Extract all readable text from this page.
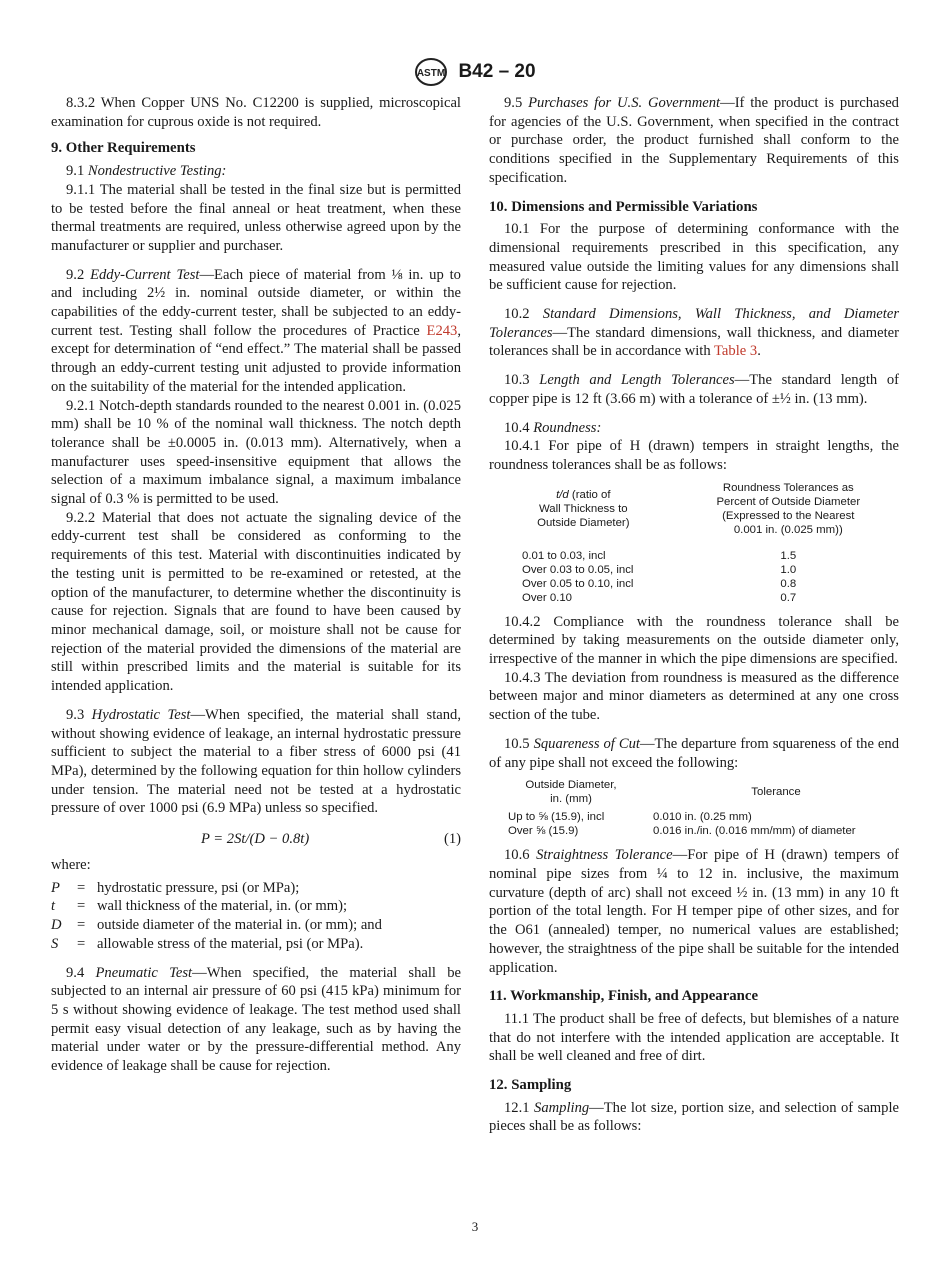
ASTM B42 – 20

8.3.2 When Copper UNS No. C12200 is supplied, microscopical examination for cuprous oxide is not required.

9. Other Requirements

9.1 Nondestructive Testing:

9.1.1 The material shall be tested in the final size but is permitted to be tested before the final anneal or heat treatment, when these thermal treatments are required, unless otherwise agreed upon by the manufacturer or supplier and purchaser.

9.2 Eddy-Current Test—Each piece of material from ⅛ in. up to and including 2½ in. nominal outside diameter, or within the capabilities of the eddy-current tester, shall be subjected to an eddy-current test. Testing shall follow the procedures of Practice E243, except for determination of “end effect.” The material shall be passed through an eddy-current testing unit adjusted to provide information on the suitability of the material for the intended application.

9.2.1 Notch-depth standards rounded to the nearest 0.001 in. (0.025 mm) shall be 10 % of the nominal wall thickness. The notch depth tolerance shall be ±0.0005 in. (0.013 mm). Alternatively, when a manufacturer uses speed-insensitive equipment that allows the selection of a maximum imbalance signal, a maximum imbalance signal of 0.3 % is permitted to be used.

9.2.2 Material that does not actuate the signaling device of the eddy-current test shall be considered as conforming to the requirements of this test. Material with discontinuities indicated by the testing unit is permitted to be re-examined or retested, at the option of the manufacturer, to determine whether the discontinuity is cause for rejection. Signals that are found to have been caused by minor mechanical damage, soil, or moisture shall not be cause for rejection of the material provided the dimensions of the material are still within prescribed limits and the material is suitable for its intended application.

9.3 Hydrostatic Test—When specified, the material shall stand, without showing evidence of leakage, an internal hydrostatic pressure sufficient to subject the material to a fiber stress of 6000 psi (41 MPa), determined by the following equation for thin hollow cylinders under tension. The material need not be tested at a hydrostatic pressure of over 1000 psi (6.9 MPa) unless so specified.

P = 2St/(D − 0.8t)	(1)

where:

P	= hydrostatic pressure, psi (or MPa);
t	= wall thickness of the material, in. (or mm);
D	= outside diameter of the material in. (or mm); and
S	= allowable stress of the material, psi (or MPa).

9.4 Pneumatic Test—When specified, the material shall be subjected to an internal air pressure of 60 psi (415 kPa) minimum for 5 s without showing evidence of leakage. The test method used shall permit easy visual detection of any leakage, such as by having the material under water or by the pressure-differential method. Any evidence of leakage shall be cause for rejection.

9.5 Purchases for U.S. Government—If the product is purchased for agencies of the U.S. Government, when specified in the contract or purchase order, the product furnished shall conform to the conditions specified in the Supplementary Requirements of this specification.

10. Dimensions and Permissible Variations

10.1 For the purpose of determining conformance with the dimensional requirements prescribed in this specification, any measured value outside the limiting values for any dimensions shall be sufficient cause for rejection.

10.2 Standard Dimensions, Wall Thickness, and Diameter Tolerances—The standard dimensions, wall thickness, and diameter tolerances shall be in accordance with Table 3.

10.3 Length and Length Tolerances—The standard length of copper pipe is 12 ft (3.66 m) with a tolerance of ±½ in. (13 mm).

10.4 Roundness:

10.4.1 For pipe of H (drawn) tempers in straight lengths, the roundness tolerances shall be as follows:

t/d (ratio of
Wall Thickness to
Outside Diameter)	Roundness Tolerances as
Percent of Outside Diameter
(Expressed to the Nearest
0.001 in. (0.025 mm))
0.01 to 0.03, incl	1.5
Over 0.03 to 0.05, incl	1.0
Over 0.05 to 0.10, incl	0.8
Over 0.10	0.7

10.4.2 Compliance with the roundness tolerance shall be determined by taking measurements on the outside diameter only, irrespective of the manner in which the pipe dimensions are specified.

10.4.3 The deviation from roundness is measured as the difference between major and minor diameters as determined at any one cross section of the tube.

10.5 Squareness of Cut—The departure from squareness of the end of any pipe shall not exceed the following:

Outside Diameter,
in. (mm)	Tolerance
Up to ⅝ (15.9), incl	0.010 in. (0.25 mm)
Over ⅝ (15.9)	0.016 in./in. (0.016 mm/mm) of diameter

10.6 Straightness Tolerance—For pipe of H (drawn) tempers of nominal pipe sizes from ¼ to 12 in. inclusive, the maximum curvature (depth of arc) shall not exceed ½ in. (13 mm) in any 10 ft portion of the total length. For H temper pipe of other sizes, and for the O61 (annealed) temper, no numerical values are established; however, the straightness of the pipe shall be suitable for the intended application.

11. Workmanship, Finish, and Appearance

11.1 The product shall be free of defects, but blemishes of a nature that do not interfere with the intended application are acceptable. It shall be well cleaned and free of dirt.

12. Sampling

12.1 Sampling—The lot size, portion size, and selection of sample pieces shall be as follows:

3
